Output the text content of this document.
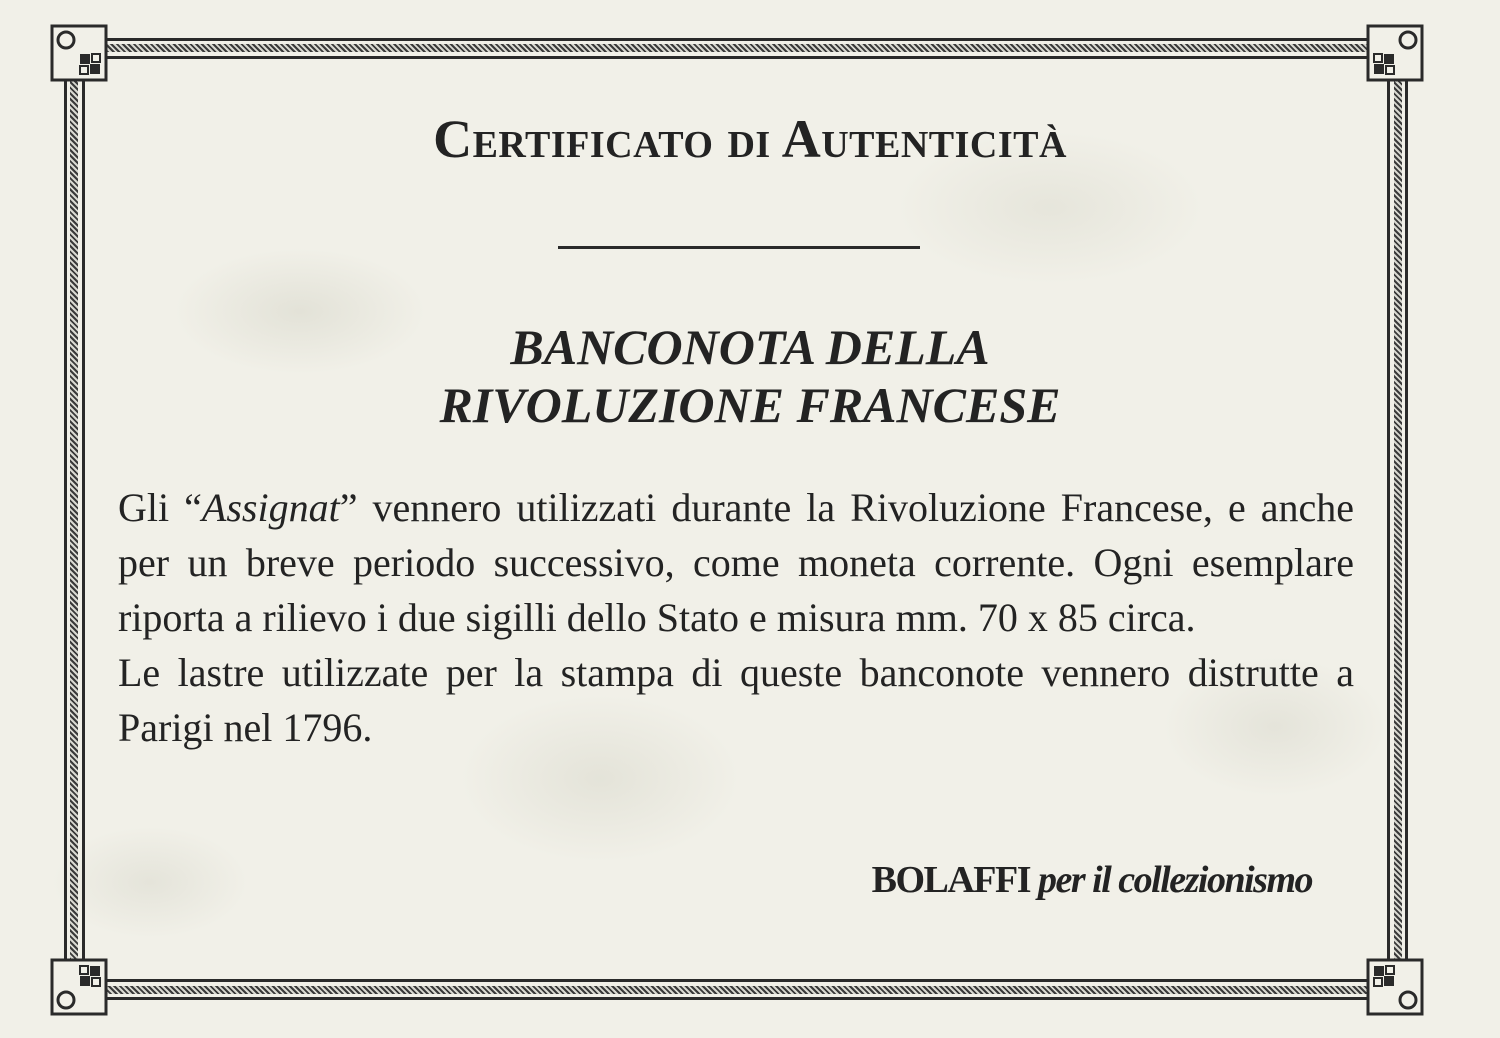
Certificato di Autenticità
BANCONOTA DELLA
RIVOLUZIONE FRANCESE

Gli “Assignat” vennero utilizzati durante la Rivoluzione Francese, e anche per un breve periodo successivo, come moneta corrente. Ogni esemplare riporta a rilievo i due sigilli dello Stato e misura mm. 70 x 85 circa.

Le lastre utilizzate per la stampa di queste banconote vennero distrutte a Parigi nel 1796.

BOLAFFI per il collezionismo
